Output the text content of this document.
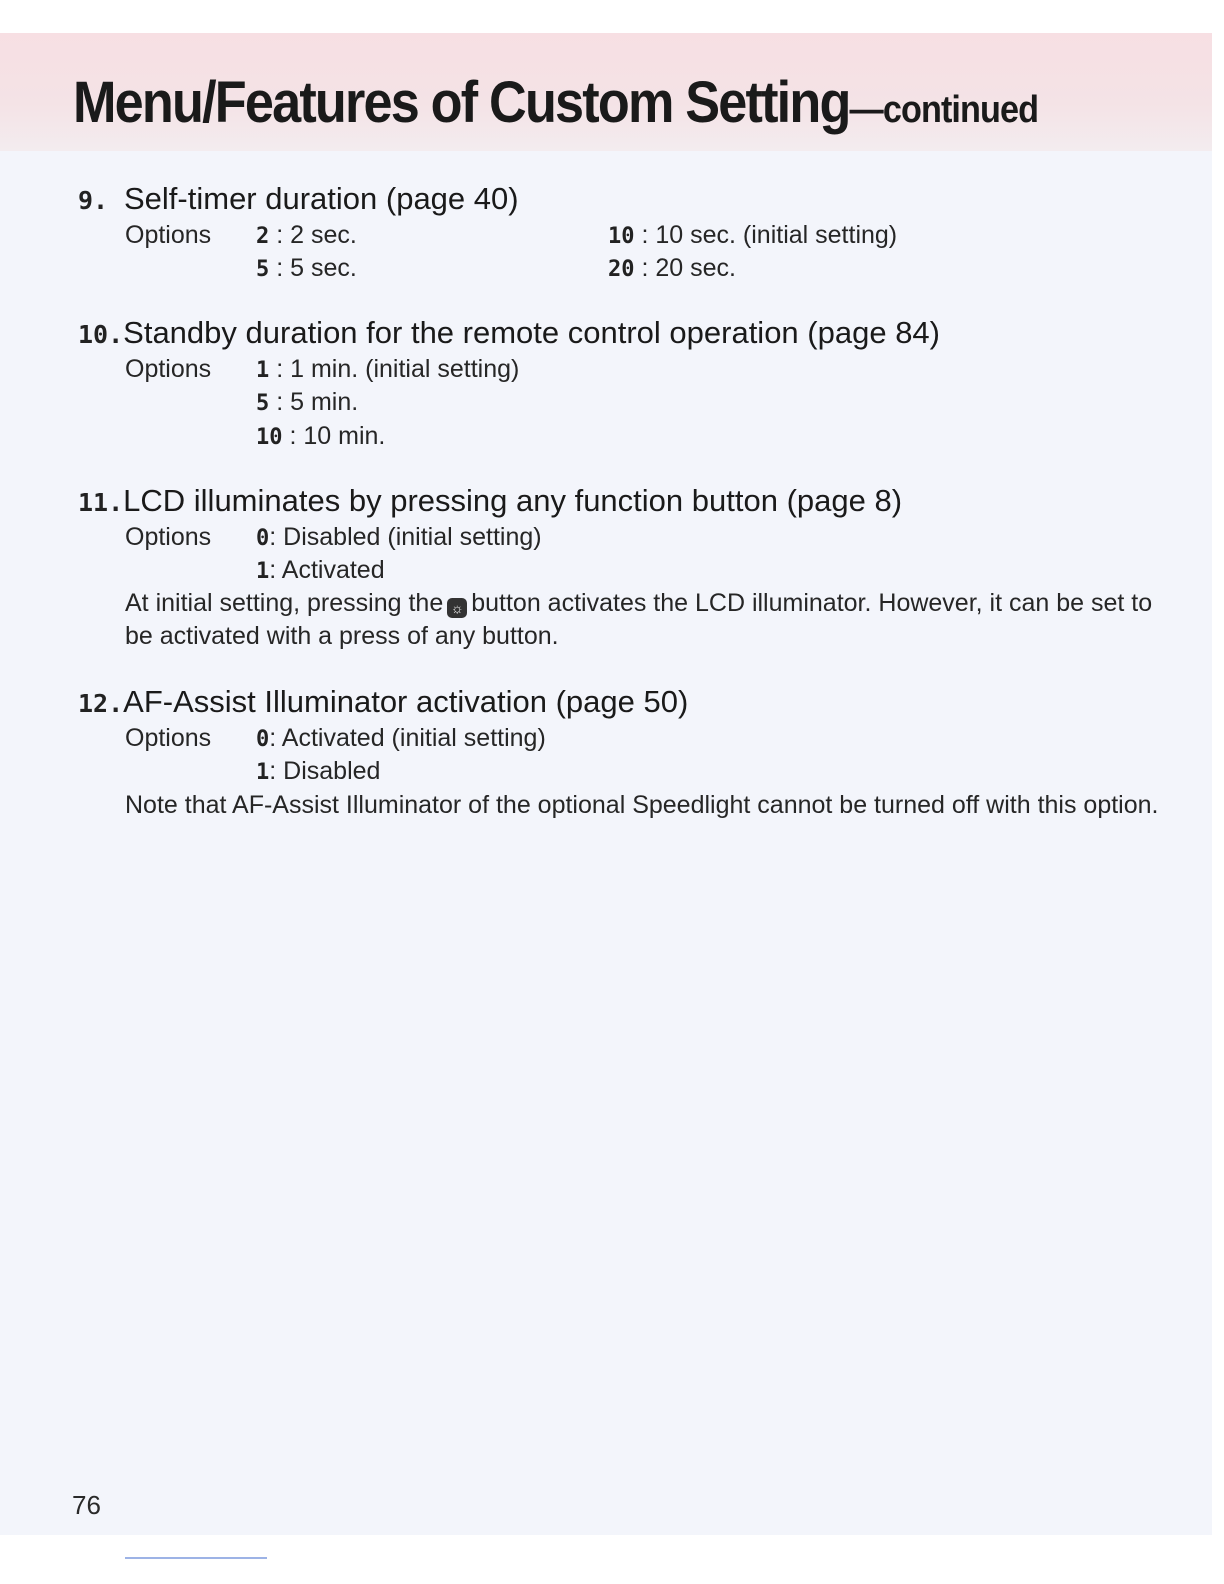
Menu/Features of Custom Setting—continued
9. Self-timer duration (page 40)
Options 2 : 2 sec.
5 : 5 sec.
10 : 10 sec. (initial setting)
20 : 20 sec.
10.Standby duration for the remote control operation (page 84)
Options 1 : 1 min. (initial setting)
5 : 5 min.
10 : 10 min.
11.LCD illuminates by pressing any function button (page 8)
Options 0: Disabled (initial setting)
1: Activated
At initial setting, pressing the ☼ button activates the LCD illuminator. However, it can be set to be activated with a press of any button.
12.AF-Assist Illuminator activation (page 50)
Options 0: Activated (initial setting)
1: Disabled
Note that AF-Assist Illuminator of the optional Speedlight cannot be turned off with this option.
76
